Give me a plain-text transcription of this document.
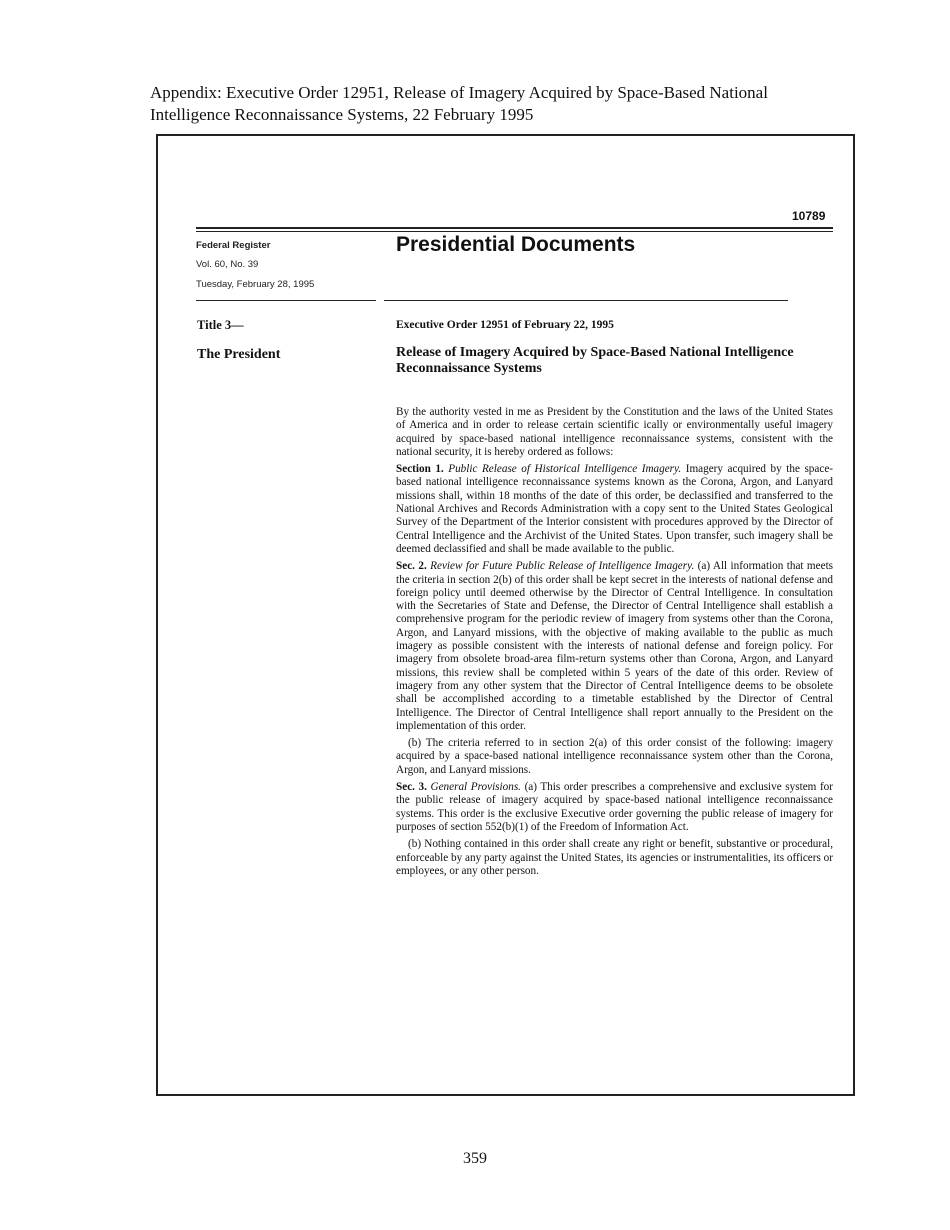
Appendix: Executive Order 12951, Release of Imagery Acquired by Space-Based National Intelligence Reconnaissance Systems, 22 February 1995
10789
Federal Register
Vol. 60, No. 39
Tuesday, February 28, 1995
Presidential Documents
Title 3—
The President
Executive Order 12951 of February 22, 1995
Release of Imagery Acquired by Space-Based National Intelligence Reconnaissance Systems

By the authority vested in me as President by the Constitution and the laws of the United States of America and in order to release certain scientific ically or environmentally useful imagery acquired by space-based national intelligence reconnaissance systems, consistent with the national security, it is hereby ordered as follows:

Section 1. Public Release of Historical Intelligence Imagery. Imagery acquired by the space-based national intelligence reconnaissance systems known as the Corona, Argon, and Lanyard missions shall, within 18 months of the date of this order, be declassified and transferred to the National Archives and Records Administration with a copy sent to the United States Geological Survey of the Department of the Interior consistent with procedures approved by the Director of Central Intelligence and the Archivist of the United States. Upon transfer, such imagery shall be deemed declassified and shall be made available to the public.

Sec. 2. Review for Future Public Release of Intelligence Imagery. (a) All information that meets the criteria in section 2(b) of this order shall be kept secret in the interests of national defense and foreign policy until deemed otherwise by the Director of Central Intelligence. In consultation with the Secretaries of State and Defense, the Director of Central Intelligence shall establish a comprehensive program for the periodic review of imagery from systems other than the Corona, Argon, and Lanyard missions, with the objective of making available to the public as much imagery as possible consistent with the interests of national defense and foreign policy. For imagery from obsolete broad-area film-return systems other than Corona, Argon, and Lanyard missions, this review shall be completed within 5 years of the date of this order. Review of imagery from any other system that the Director of Central Intelligence deems to be obsolete shall be accomplished according to a timetable established by the Director of Central Intelligence. The Director of Central Intelligence shall report annually to the President on the implementation of this order.

(b) The criteria referred to in section 2(a) of this order consist of the following: imagery acquired by a space-based national intelligence reconnaissance system other than the Corona, Argon, and Lanyard missions.

Sec. 3. General Provisions. (a) This order prescribes a comprehensive and exclusive system for the public release of imagery acquired by space-based national intelligence reconnaissance systems. This order is the exclusive Executive order governing the public release of imagery for purposes of section 552(b)(1) of the Freedom of Information Act.

(b) Nothing contained in this order shall create any right or benefit, substantive or procedural, enforceable by any party against the United States, its agencies or instrumentalities, its officers or employees, or any other person.

359
